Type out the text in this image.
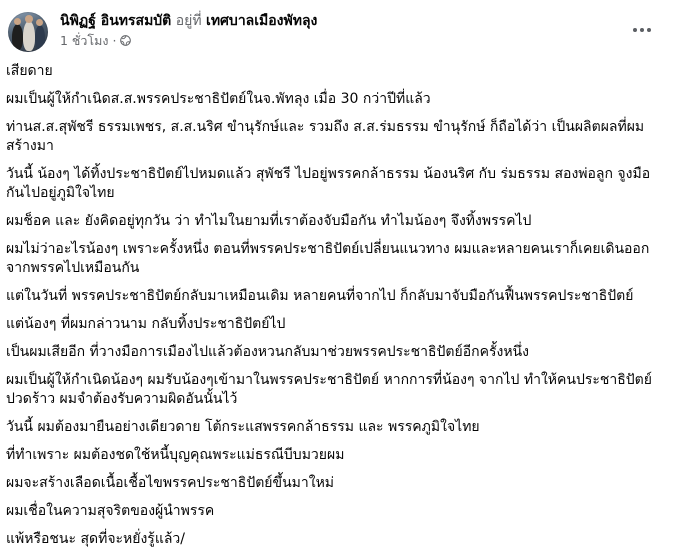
นิพิฏฐ์ อินทรสมบัติ อยู่ที่ เทศบาลเมืองพัทลุง
1 ชั่วโมง ·

เสียดาย

ผมเป็นผู้ให้กำเนิดส.ส.พรรคประชาธิปัตย์ในจ.พัทลุง เมื่อ 30 กว่าปีที่แล้ว

ท่านส.ส.สุพัชรี ธรรมเพชร, ส.ส.นริศ ขำนุรักษ์และ รวมถึง ส.ส.ร่มธรรม ขำนุรักษ์ ก็ถือได้ว่า เป็นผลิตผลที่ผมสร้างมา

วันนี้ น้องๆ ได้ทิ้งประชาธิปัตย์ไปหมดแล้ว สุพัชรี ไปอยู่พรรคกล้าธรรม น้องนริศ กับ ร่มธรรม สองพ่อลูก จูงมือกันไปอยู่ภูมิใจไทย

ผมช็อค และ ยังคิดอยู่ทุกวัน ว่า ทำไมในยามที่เราต้องจับมือกัน ทำไมน้องๆ จึงทิ้งพรรคไป

ผมไม่ว่าอะไรน้องๆ เพราะครั้งหนึ่ง ตอนที่พรรคประชาธิปัตย์เปลี่ยนแนวทาง ผมและหลายคนเราก็เคยเดินออกจากพรรคไปเหมือนกัน

แต่ในวันที่ พรรคประชาธิปัตย์กลับมาเหมือนเดิม หลายคนที่จากไป ก็กลับมาจับมือกันฟื้นพรรคประชาธิปัตย์

แต่น้องๆ ที่ผมกล่าวนาม กลับทิ้งประชาธิปัตย์ไป

เป็นผมเสียอีก ที่วางมือการเมืองไปแล้วต้องหวนกลับมาช่วยพรรคประชาธิปัตย์อีกครั้งหนึ่ง

ผมเป็นผู้ให้กำเนิดน้องๆ ผมรับน้องๆเข้ามาในพรรคประชาธิปัตย์ หากการที่น้องๆ จากไป ทำให้คนประชาธิปัตย์ปวดร้าว ผมจำต้องรับความผิดอันนั้นไว้

วันนี้ ผมต้องมายืนอย่างเดียวดาย โต้กระแสพรรคกล้าธรรม และ พรรคภูมิใจไทย

ที่ทำเพราะ ผมต้องชดใช้หนี้บุญคุณพระแม่ธรณีบีบมวยผม

ผมจะสร้างเลือดเนื้อเชื้อไขพรรคประชาธิปัตย์ขึ้นมาใหม่

ผมเชื่อในความสุจริตของผู้นำพรรค

แพ้หรือชนะ สุดที่จะหยั่งรู้แล้ว/
